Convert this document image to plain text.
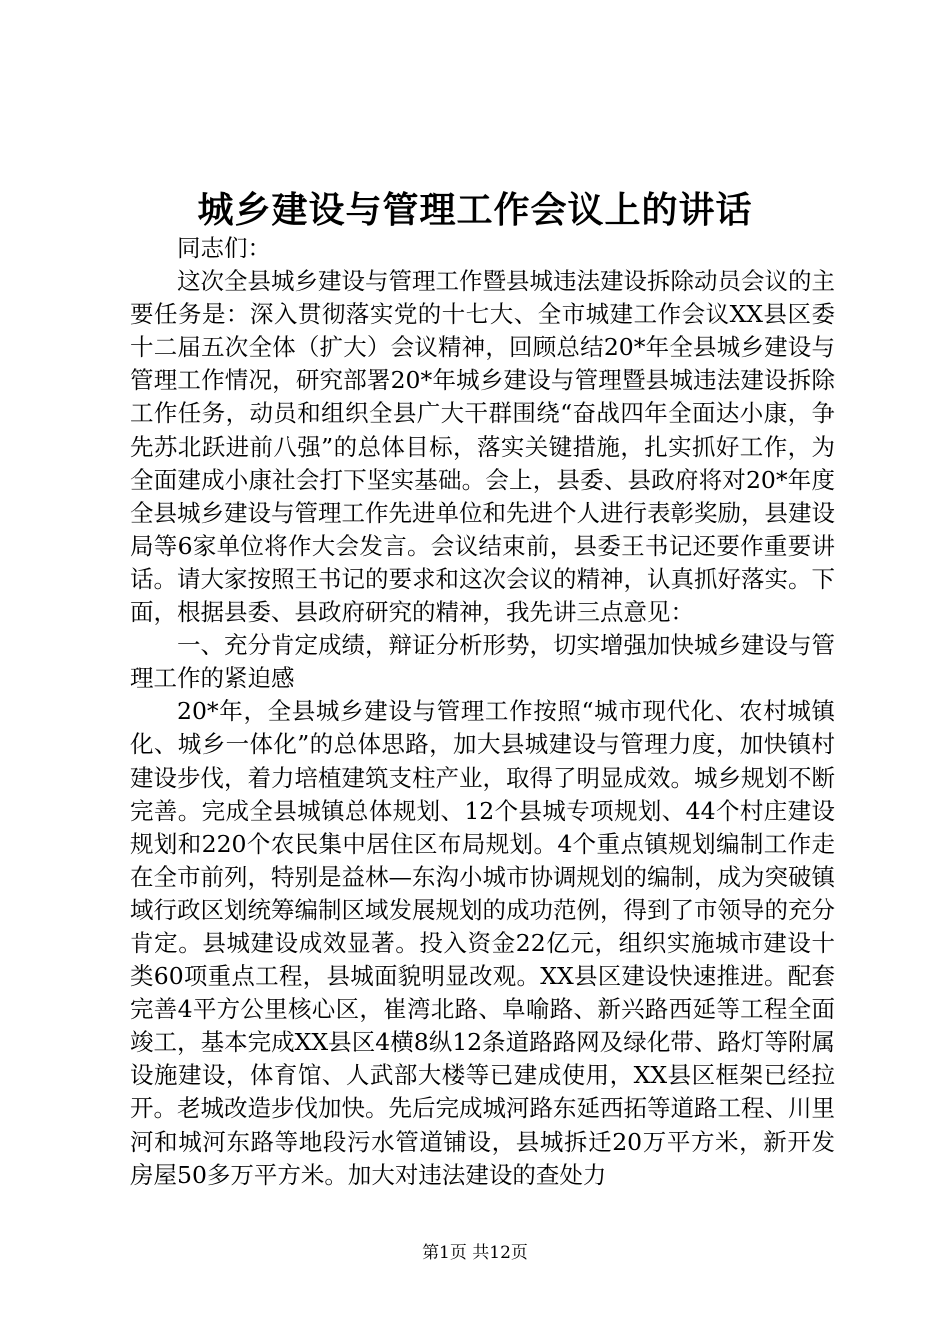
城乡建设与管理工作会议上的讲话

同志们：

这次全县城乡建设与管理工作暨县城违法建设拆除动员会议的主要任务是：深入贯彻落实党的十七大、全市城建工作会议XX县区委十二届五次全体（扩大）会议精神，回顾总结20*年全县城乡建设与管理工作情况，研究部署20*年城乡建设与管理暨县城违法建设拆除工作任务，动员和组织全县广大干群围绕“奋战四年全面达小康，争先苏北跃进前八强”的总体目标，落实关键措施，扎实抓好工作，为全面建成小康社会打下坚实基础。会上，县委、县政府将对20*年度全县城乡建设与管理工作先进单位和先进个人进行表彰奖励，县建设局等6家单位将作大会发言。会议结束前，县委王书记还要作重要讲话。请大家按照王书记的要求和这次会议的精神，认真抓好落实。下面，根据县委、县政府研究的精神，我先讲三点意见：

一、充分肯定成绩，辩证分析形势，切实增强加快城乡建设与管理工作的紧迫感

20*年，全县城乡建设与管理工作按照“城市现代化、农村城镇化、城乡一体化”的总体思路，加大县城建设与管理力度，加快镇村建设步伐，着力培植建筑支柱产业，取得了明显成效。城乡规划不断完善。完成全县城镇总体规划、12个县城专项规划、44个村庄建设规划和220个农民集中居住区布局规划。4个重点镇规划编制工作走在全市前列，特别是益林—东沟小城市协调规划的编制，成为突破镇域行政区划统筹编制区域发展规划的成功范例，得到了市领导的充分肯定。县城建设成效显著。投入资金22亿元，组织实施城市建设十类60项重点工程，县城面貌明显改观。XX县区建设快速推进。配套完善4平方公里核心区，崔湾北路、阜喻路、新兴路西延等工程全面竣工，基本完成XX县区4横8纵12条道路路网及绿化带、路灯等附属设施建设，体育馆、人武部大楼等已建成使用，XX县区框架已经拉开。老城改造步伐加快。先后完成城河路东延西拓等道路工程、川里河和城河东路等地段污水管道铺设，县城拆迁20万平方米，新开发房屋50多万平方米。加大对违法建设的查处力

第1页 共12页
